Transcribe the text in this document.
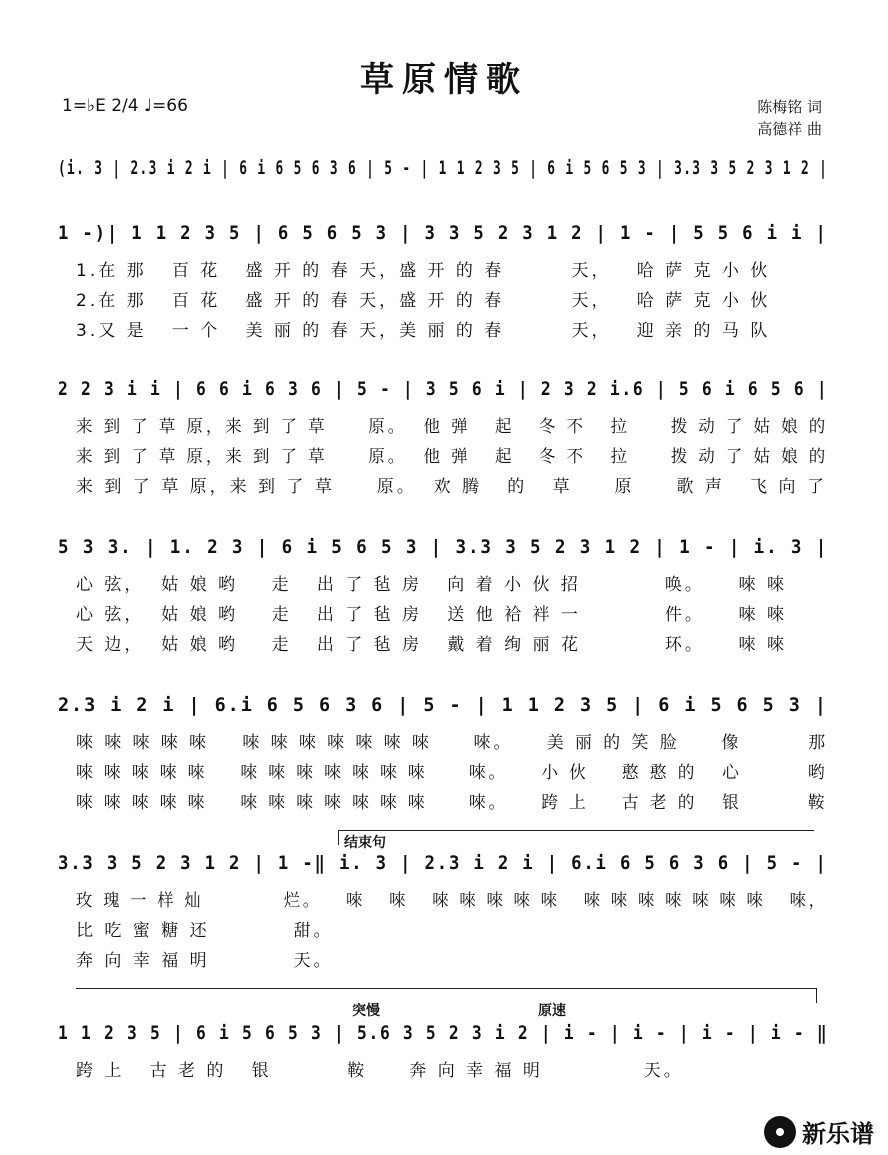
草原情歌
1=♭E 2/4 ♩=66	陈梅铭 词
高德祥 曲
(i. 3 | 2.3 i 2 i | 6 i 6 5 6 3 6 | 5 - | 1 1 2 3 5 | 6 i 5 6 5 3 | 3.3 3 5 2 3 1 2 |
1 -)| 1 1 2 3 5 | 6 5 6 5 3 | 3 3 5 2 3 1 2 | 1 - | 5 5 6 i i |
1.在 那   百 花   盛 开 的 春 天，盛 开 的 春        天，   哈 萨 克 小 伙
2.在 那   百 花   盛 开 的 春 天，盛 开 的 春        天，   哈 萨 克 小 伙
3.又 是   一 个   美 丽 的 春 天，美 丽 的 春        天，   迎 亲 的 马 队
2 2 3 i i | 6 6 i 6 3 6 | 5 - | 3 5 6 i | 2 3 2 i.6 | 5 6 i 6 5 6 |
来 到 了 草 原，来 到 了 草     原。  他 弹   起   冬 不   拉     拨 动 了 姑 娘 的
来 到 了 草 原，来 到 了 草     原。  他 弹   起   冬 不   拉     拨 动 了 姑 娘 的
来 到 了 草 原，来 到 了 草     原。  欢 腾   的   草     原     歌 声   飞 向 了
5 3 3. | 1. 2 3 | 6 i 5 6 5 3 | 3.3 3 5 2 3 1 2 | 1 - | i. 3 |
心 弦，  姑 娘 哟    走   出 了 毡 房   向 着 小 伙 招          唤。    唻 唻
心 弦，  姑 娘 哟    走   出 了 毡 房   送 他 袷 袢 一          件。    唻 唻
天 边，  姑 娘 哟    走   出 了 毡 房   戴 着 绚 丽 花          环。    唻 唻
2.3 i 2 i | 6.i 6 5 6 3 6 | 5 - | 1 1 2 3 5 | 6 i 5 6 5 3 |
唻 唻 唻 唻 唻    唻 唻 唻 唻 唻 唻 唻     唻。    美 丽 的 笑 脸     像        那
唻 唻 唻 唻 唻    唻 唻 唻 唻 唻 唻 唻     唻。    小 伙    憨 憨 的   心        哟
唻 唻 唻 唻 唻    唻 唻 唻 唻 唻 唻 唻     唻。    跨 上    古 老 的   银        鞍
结束句
3.3 3 5 2 3 1 2 | 1 -‖ i. 3 | 2.3 i 2 i | 6.i 6 5 6 3 6 | 5 - |
玫 瑰 一 样 灿          烂。   唻   唻   唻 唻 唻 唻 唻   唻 唻 唻 唻 唻 唻 唻   唻，
比 吃 蜜 糖 还          甜。
奔 向 幸 福 明          天。
突慢	原速
1 1 2 3 5 | 6 i 5 6 5 3 | 5.6 3 5 2 3 i 2 | i - | i - | i - | i - ‖
跨 上   古 老 的   银         鞍     奔 向 幸 福 明            天。
新乐谱
